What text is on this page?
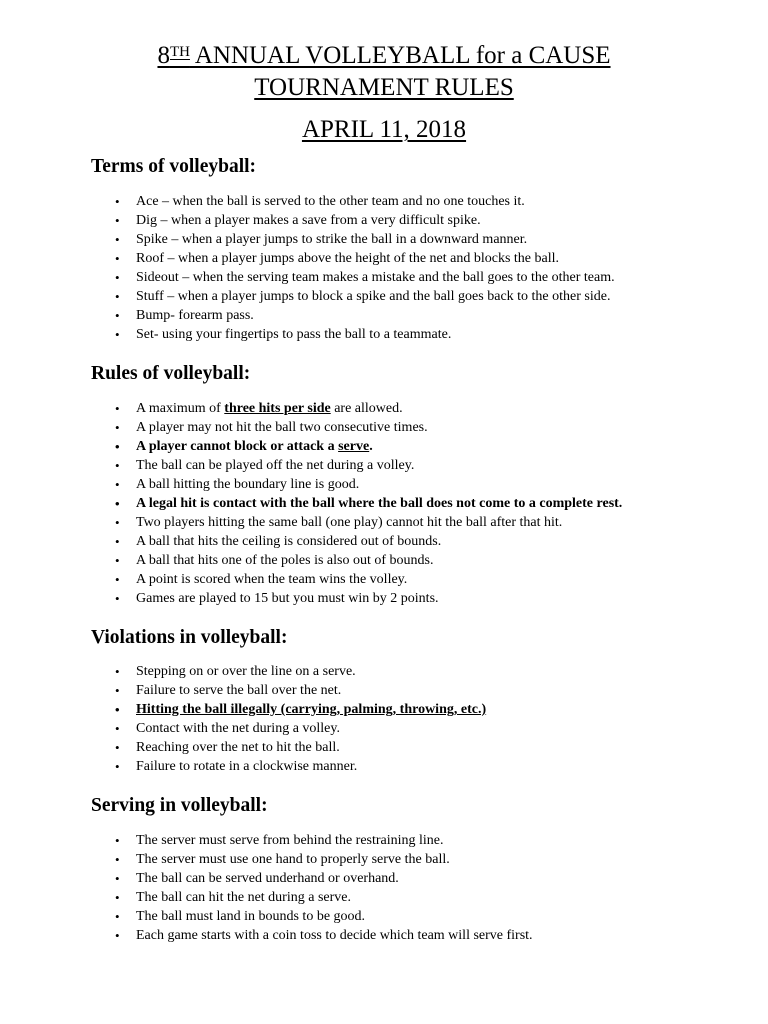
8TH ANNUAL VOLLEYBALL for a CAUSE
TOURNAMENT RULES
APRIL 11, 2018
Terms of volleyball:
• Ace – when the ball is served to the other team and no one touches it.
• Dig – when a player makes a save from a very difficult spike.
• Spike – when a player jumps to strike the ball in a downward manner.
• Roof – when a player jumps above the height of the net and blocks the ball.
• Sideout – when the serving team makes a mistake and the ball goes to the other team.
• Stuff – when a player jumps to block a spike and the ball goes back to the other side.
• Bump- forearm pass.
• Set- using your fingertips to pass the ball to a teammate.
Rules of volleyball:
• A maximum of three hits per side are allowed.
• A player may not hit the ball two consecutive times.
• A player cannot block or attack a serve.
• The ball can be played off the net during a volley.
• A ball hitting the boundary line is good.
• A legal hit is contact with the ball where the ball does not come to a complete rest.
• Two players hitting the same ball (one play) cannot hit the ball after that hit.
• A ball that hits the ceiling is considered out of bounds.
• A ball that hits one of the poles is also out of bounds.
• A point is scored when the team wins the volley.
• Games are played to 15 but you must win by 2 points.
Violations in volleyball:
• Stepping on or over the line on a serve.
• Failure to serve the ball over the net.
• Hitting the ball illegally (carrying, palming, throwing, etc.)
• Contact with the net during a volley.
• Reaching over the net to hit the ball.
• Failure to rotate in a clockwise manner.
Serving in volleyball:
• The server must serve from behind the restraining line.
• The server must use one hand to properly serve the ball.
• The ball can be served underhand or overhand.
• The ball can hit the net during a serve.
• The ball must land in bounds to be good.
• Each game starts with a coin toss to decide which team will serve first.
